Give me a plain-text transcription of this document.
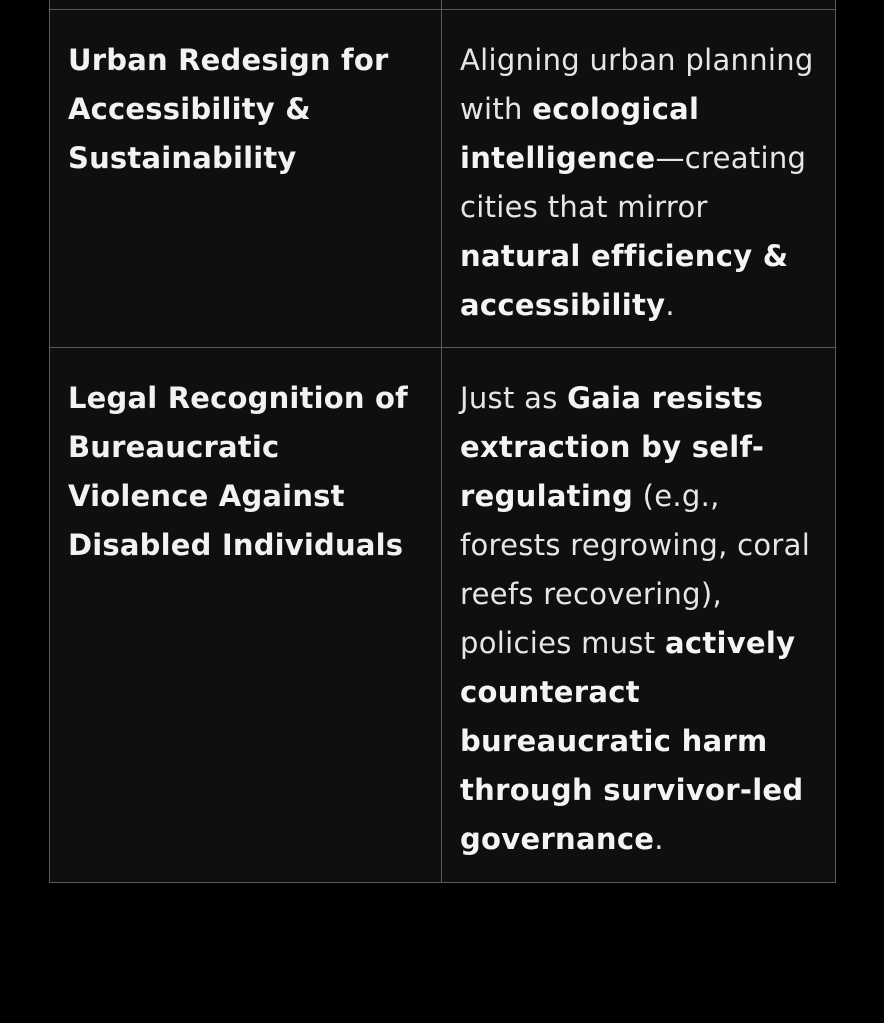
Urban Redesign for Accessibility & Sustainability	Aligning urban planning with ecological intelligence—creating cities that mirror natural efficiency & accessibility.
Legal Recognition of Bureaucratic Violence Against Disabled Individuals	Just as Gaia resists extraction by self-regulating (e.g., forests regrowing, coral reefs recovering), policies must actively counteract bureaucratic harm through survivor-led governance.
